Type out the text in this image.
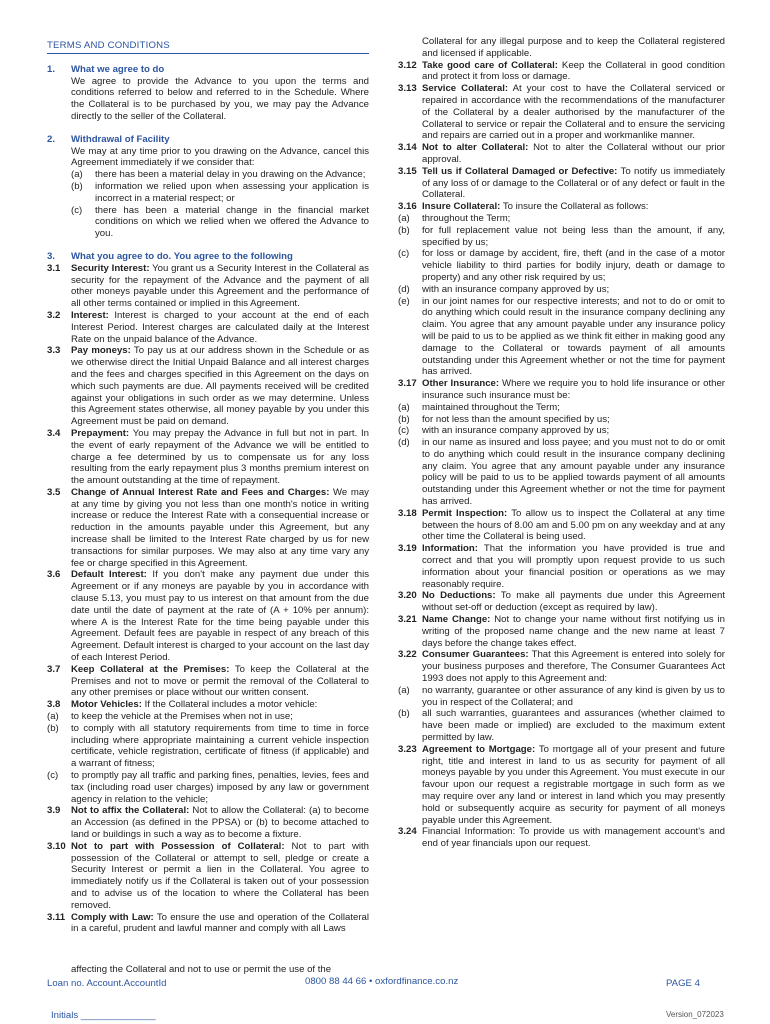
TERMS AND CONDITIONS
1.	What we agree to do
We agree to provide the Advance to you upon the terms and conditions referred to below and referred to in the Schedule. Where the Collateral is to be purchased by you, we may pay the Advance directly to the seller of the Collateral.
2.	Withdrawal of Facility
We may at any time prior to you drawing on the Advance, cancel this Agreement immediately if we consider that:
(a)	there has been a material delay in you drawing on the Advance;
(b)	information we relied upon when assessing your application is incorrect in a material respect; or
(c)	there has been a material change in the financial market conditions on which we relied when we offered the Advance to you.
3.	What you agree to do. You agree to the following
3.1	Security Interest: You grant us a Security Interest in the Collateral as security for the repayment of the Advance and the payment of all other moneys payable under this Agreement and the performance of all other terms contained or implied in this Agreement.
3.2	Interest: Interest is charged to your account at the end of each Interest Period. Interest charges are calculated daily at the Interest Rate on the unpaid balance of the Advance.
3.3	Pay moneys: To pay us at our address shown in the Schedule or as we otherwise direct the Initial Unpaid Balance and all interest charges and the fees and charges specified in this Agreement on the days on which such payments are due. All payments received will be credited against your obligations in such order as we may determine. Unless this Agreement states otherwise, all money payable by you under this Agreement must be paid on demand.
3.4	Prepayment: You may prepay the Advance in full but not in part. In the event of early repayment of the Advance we will be entitled to charge a fee determined by us to compensate us for any loss resulting from the early repayment plus 3 months premium interest on the amount outstanding at the time of repayment.
3.5	Change of Annual Interest Rate and Fees and Charges: We may at any time by giving you not less than one month's notice in writing increase or reduce the Interest Rate with a consequential increase or reduction in the amounts payable under this Agreement, but any increase shall be limited to the Interest Rate charged by us for new transactions for similar purposes. We may also at any time vary any fee or charge specified in this Agreement.
3.6	Default Interest: If you don't make any payment due under this Agreement or if any moneys are payable by you in accordance with clause 5.13, you must pay to us interest on that amount from the due date until the date of payment at the rate of (A + 10% per annum): where A is the Interest Rate for the time being payable under this Agreement. Default fees are payable in respect of any breach of this Agreement. Default interest is charged to your account on the last day of each Interest Period.
3.7	Keep Collateral at the Premises: To keep the Collateral at the Premises and not to move or permit the removal of the Collateral to any other premises or place without our written consent.
3.8	Motor Vehicles: If the Collateral includes a motor vehicle:
(a)	to keep the vehicle at the Premises when not in use;
(b)	to comply with all statutory requirements from time to time in force including where appropriate maintaining a current vehicle inspection certificate, vehicle registration, certificate of fitness (if applicable) and a warrant of fitness;
(c)	to promptly pay all traffic and parking fines, penalties, levies, fees and tax (including road user charges) imposed by any law or government agency in relation to the vehicle;
3.9	Not to affix the Collateral: Not to allow the Collateral: (a) to become an Accession (as defined in the PPSA) or (b) to become attached to land or buildings in such a way as to become a fixture.
3.10 Not to part with Possession of Collateral: Not to part with possession of the Collateral or attempt to sell, pledge or create a Security Interest or permit a lien in the Collateral. You agree to immediately notify us if the Collateral is taken out of your possession and to advise us of the location to where the Collateral has been removed.
3.11 Comply with Law: To ensure the use and operation of the Collateral in a careful, prudent and lawful manner and comply with all Laws
affecting the Collateral and not to use or permit the use of the
Collateral for any illegal purpose and to keep the Collateral registered and licensed if applicable.
3.12 Take good care of Collateral: Keep the Collateral in good condition and protect it from loss or damage.
3.13 Service Collateral: At your cost to have the Collateral serviced or repaired in accordance with the recommendations of the manufacturer of the Collateral by a dealer authorised by the manufacturer of the Collateral to service or repair the Collateral and to ensure the servicing and repairs are carried out in a proper and workmanlike manner.
3.14 Not to alter Collateral: Not to alter the Collateral without our prior approval.
3.15 Tell us if Collateral Damaged or Defective: To notify us immediately of any loss of or damage to the Collateral or of any defect or fault in the Collateral.
3.16 Insure Collateral: To insure the Collateral as follows:
(a)	throughout the Term;
(b)	for full replacement value not being less than the amount, if any, specified by us;
(c)	for loss or damage by accident, fire, theft (and in the case of a motor vehicle liability to third parties for bodily injury, death or damage to property) and any other risk required by us;
(d)	with an insurance company approved by us;
(e)	in our joint names for our respective interests; and not to do or omit to do anything which could result in the insurance company declining any claim. You agree that any amount payable under any insurance policy will be paid to us to be applied as we think fit either in making good any damage to the Collateral or towards payment of all amounts outstanding under this Agreement whether or not the time for payment has arrived.
3.17 Other Insurance: Where we require you to hold life insurance or other insurance such insurance must be:
(a)	maintained throughout the Term;
(b)	for not less than the amount specified by us;
(c)	with an insurance company approved by us;
(d)	in our name as insured and loss payee; and you must not to do or omit to do anything which could result in the insurance company declining any claim. You agree that any amount payable under any insurance policy will be paid to us to be applied towards payment of all amounts outstanding under this Agreement whether or not the time for payment has arrived.
3.18 Permit Inspection: To allow us to inspect the Collateral at any time between the hours of 8.00 am and 5.00 pm on any weekday and at any other time the Collateral is being used.
3.19 Information: That the information you have provided is true and correct and that you will promptly upon request provide to us such information about your financial position or operations as we may reasonably require.
3.20 No Deductions: To make all payments due under this Agreement without set-off or deduction (except as required by law).
3.21 Name Change: Not to change your name without first notifying us in writing of the proposed name change and the new name at least 7 days before the change takes effect.
3.22 Consumer Guarantees: That this Agreement is entered into solely for your business purposes and therefore, The Consumer Guarantees Act 1993 does not apply to this Agreement and:
(a)	no warranty, guarantee or other assurance of any kind is given by us to you in respect of the Collateral; and
(b)	all such warranties, guarantees and assurances (whether claimed to have been made or implied) are excluded to the maximum extent permitted by law.
3.23 Agreement to Mortgage: To mortgage all of your present and future right, title and interest in land to us as security for payment of all moneys payable by you under this Agreement. You must execute in our favour upon our request a registrable mortgage in such form as we may require over any land or interest in land which you may presently hold or subsequently acquire as security for payment of all moneys payable under this Agreement.
3.24 Financial Information: To provide us with management account's and end of year financials upon our request.
Loan no. Account.AccountId	0800 88 44 66 • oxfordfinance.co.nz	PAGE 4
Initials ______________	Version_072023
